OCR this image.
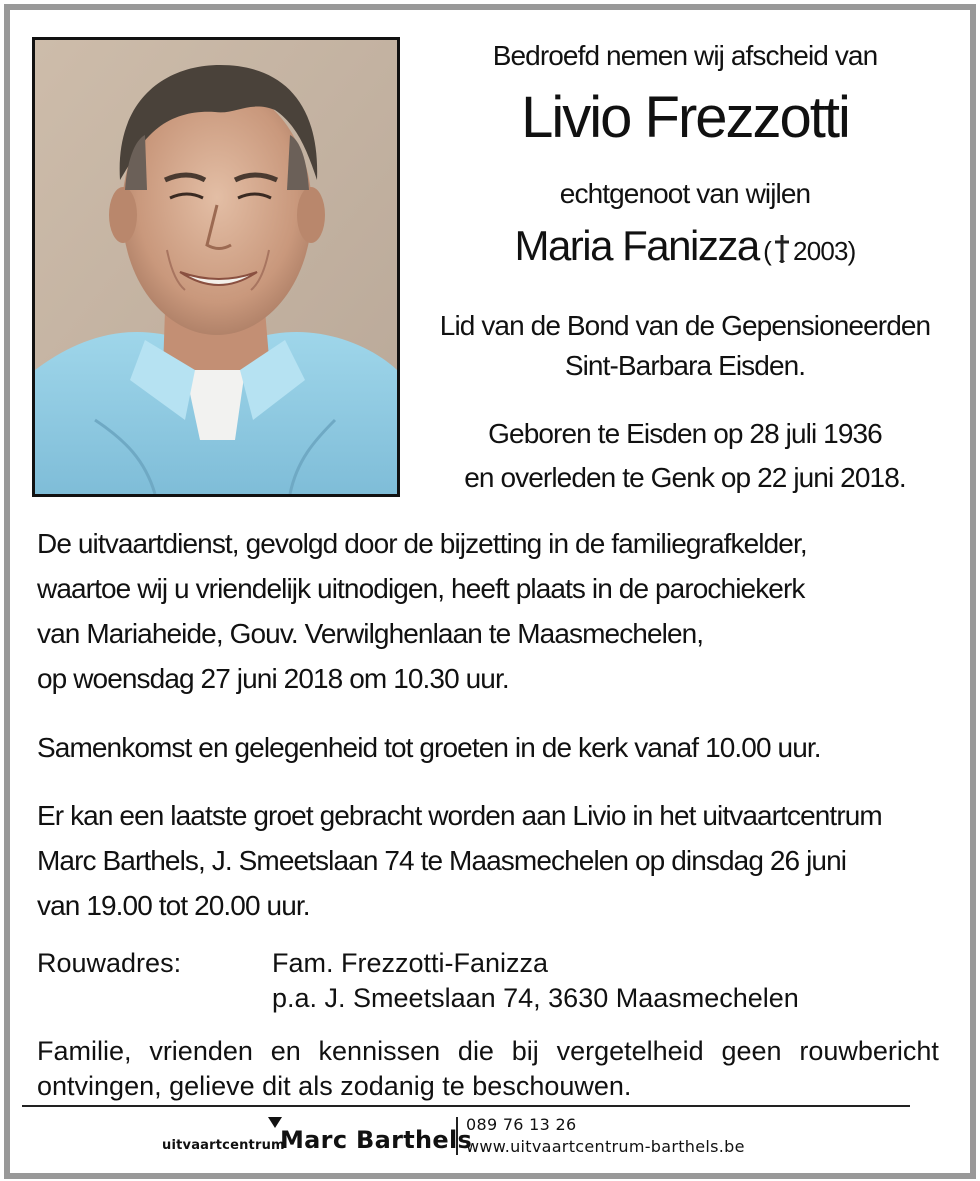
Bedroefd nemen wij afscheid van
Livio Frezzotti
echtgenoot van wijlen
Maria Fanizza ( 2003)
Lid van de Bond van de Gepensioneerden
Sint-Barbara Eisden.
Geboren te Eisden op 28 juli 1936
en overleden te Genk op 22 juni 2018.
De uitvaartdienst, gevolgd door de bijzetting in de familiegrafkelder,
waartoe wij u vriendelijk uitnodigen, heeft plaats in de parochiekerk
van Mariaheide, Gouv. Verwilghenlaan te Maasmechelen,
op woensdag 27 juni 2018 om 10.30 uur.
Samenkomst en gelegenheid tot groeten in de kerk vanaf 10.00 uur.
Er kan een laatste groet gebracht worden aan Livio in het uitvaartcentrum
Marc Barthels, J. Smeetslaan 74 te Maasmechelen op dinsdag 26 juni
van 19.00 tot 20.00 uur.
Rouwadres:	Fam. Frezzotti-Fanizza
p.a. J. Smeetslaan 74, 3630 Maasmechelen
Familie, vrienden en kennissen die bij vergetelheid geen rouwbericht
ontvingen, gelieve dit als zodanig te beschouwen.
uitvaartcentrum
Marc Barthels
089 76 13 26
www.uitvaartcentrum-barthels.be
